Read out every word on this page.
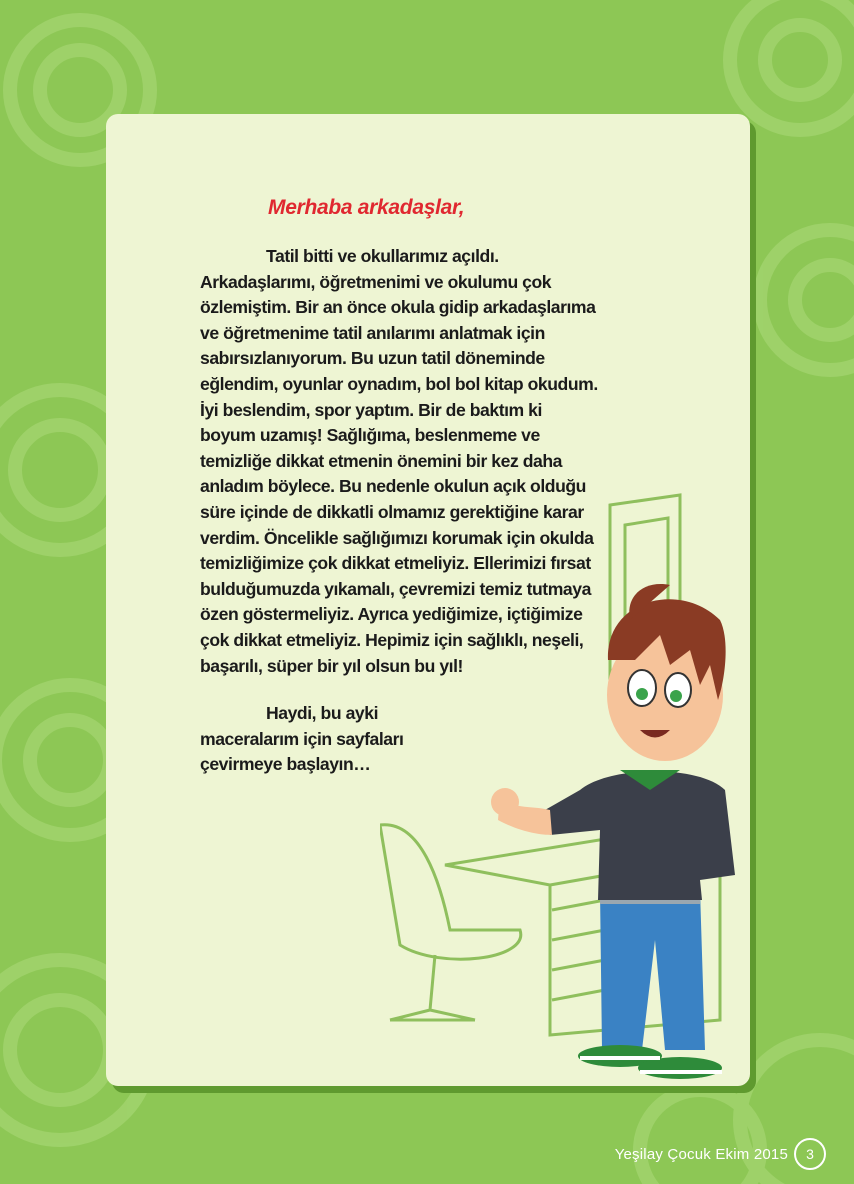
Merhaba arkadaşlar,

Tatil bitti ve okullarımız açıldı. Arkadaşlarımı, öğretmenimi ve okulumu çok özlemiştim. Bir an önce okula gidip arkadaşlarıma ve öğretmenime tatil anılarımı anlatmak için sabırsızlanıyorum. Bu uzun tatil döneminde eğlendim, oyunlar oynadım, bol bol kitap okudum. İyi beslendim, spor yaptım. Bir de baktım ki boyum uzamış! Sağlığıma, beslenmeme ve temizliğe dikkat etmenin önemini bir kez daha anladım böylece. Bu nedenle okulun açık olduğu süre içinde de dikkatli olmamız gerektiğine karar verdim. Öncelikle sağlığımızı korumak için okulda temizliğimize çok dikkat etmeliyiz. Ellerimizi fırsat bulduğumuzda yıkamalı, çevremizi temiz tutmaya özen göstermeliyiz. Ayrıca yediğimize, içtiğimize çok dikkat etmeliyiz. Hepimiz için sağlıklı, neşeli, başarılı, süper bir yıl olsun bu yıl!

Haydi, bu ayki maceralarım için sayfaları çevirmeye başlayın…

Yeşilay Çocuk Ekim 2015	3
